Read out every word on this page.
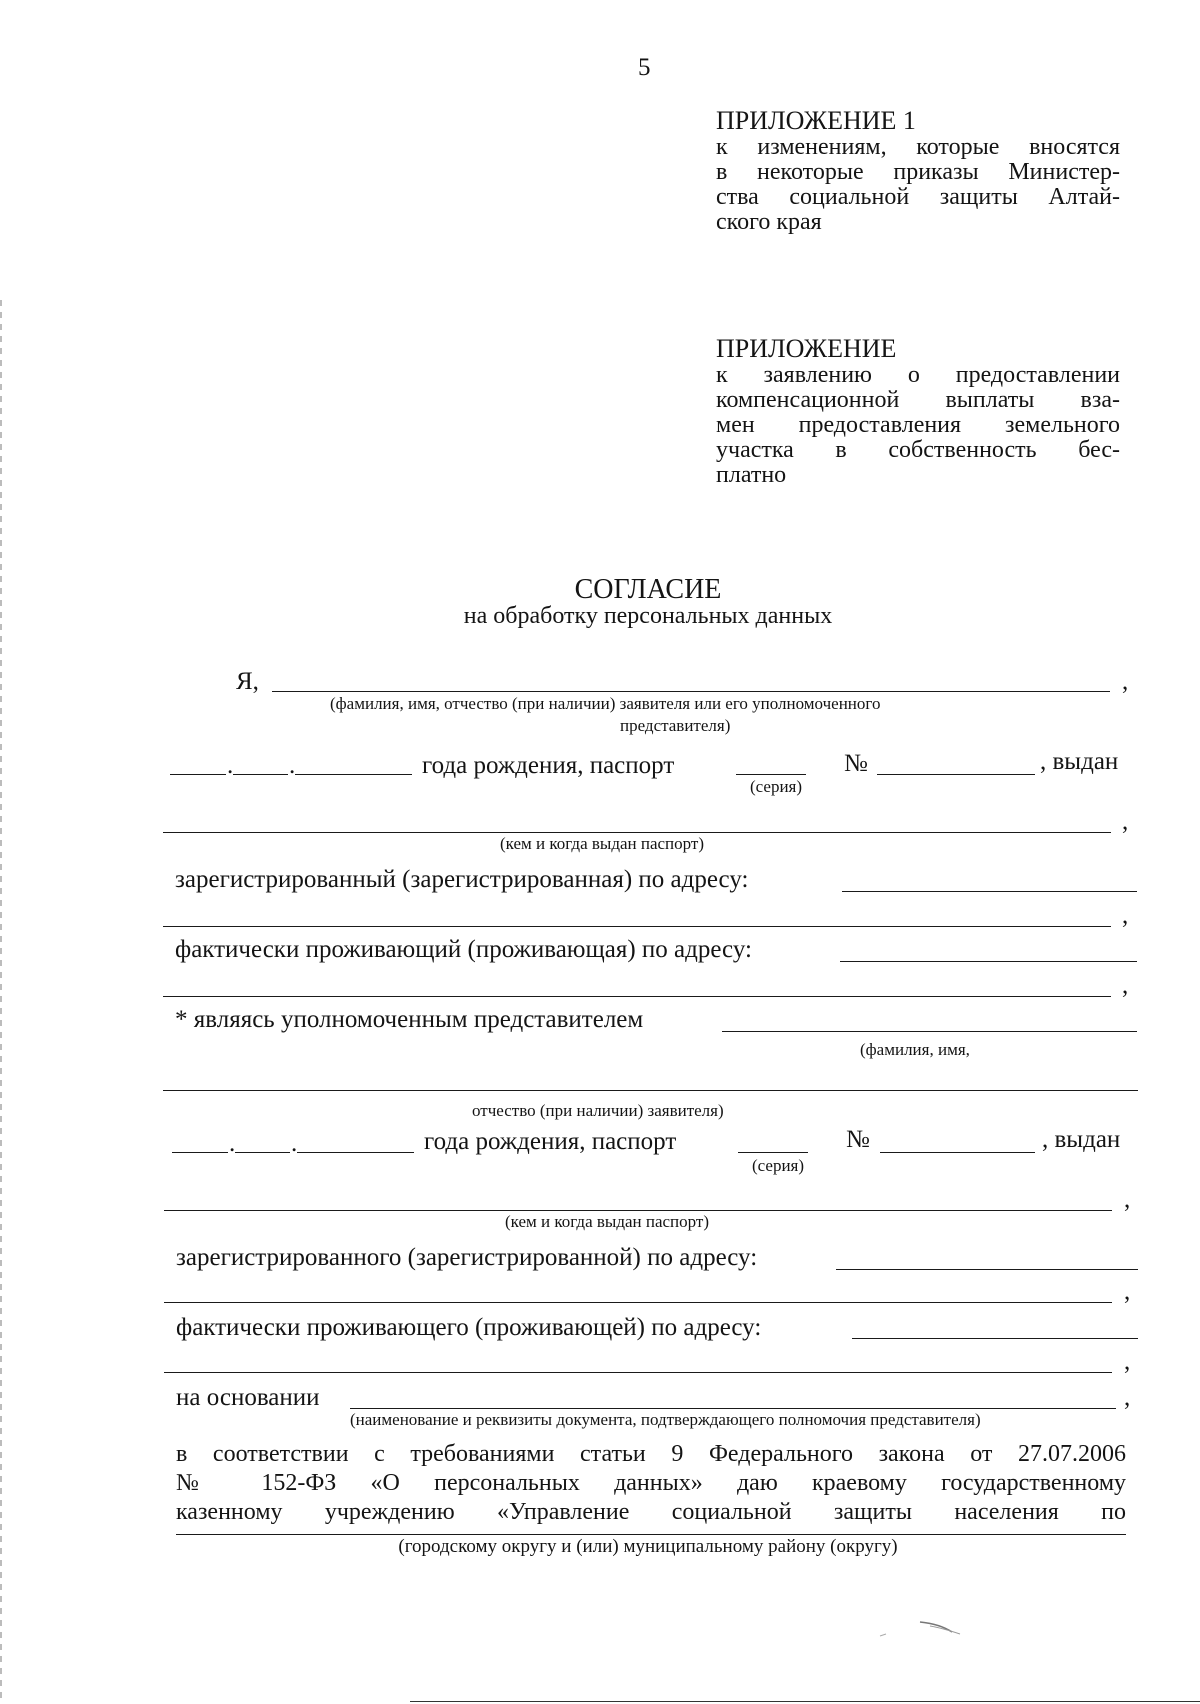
5
ПРИЛОЖЕНИЕ 1
к изменениям, которые вносятся
в некоторые приказы Министер-
ства социальной защиты Алтай-
ского края
ПРИЛОЖЕНИЕ
к заявлению о предоставлении
компенсационной выплаты вза-
мен предоставления земельного
участка в собственность бес-
платно
СОГЛАСИЕ
на обработку персональных данных
Я,	,
(фамилия, имя, отчество (при наличии) заявителя или его уполномоченного
представителя)
. .	года рождения, паспорт	№	, выдан
(серия)
,
(кем и когда выдан паспорт)
зарегистрированный (зарегистрированная) по адресу:
,
фактически проживающий (проживающая) по адресу:
,
* являясь уполномоченным представителем
(фамилия, имя,
отчество (при наличии) заявителя)
. .	года рождения, паспорт	№	, выдан
(серия)
,
(кем и когда выдан паспорт)
зарегистрированного (зарегистрированной) по адресу:
,
фактически проживающего (проживающей) по адресу:
,
на основании	,
(наименование и реквизиты документа, подтверждающего полномочия представителя)
в соответствии с требованиями статьи 9 Федерального закона от 27.07.2006
№ 152-ФЗ «О персональных данных» даю краевому государственному
казенному учреждению «Управление социальной защиты населения по
(городскому округу и (или) муниципальному району (округу)
